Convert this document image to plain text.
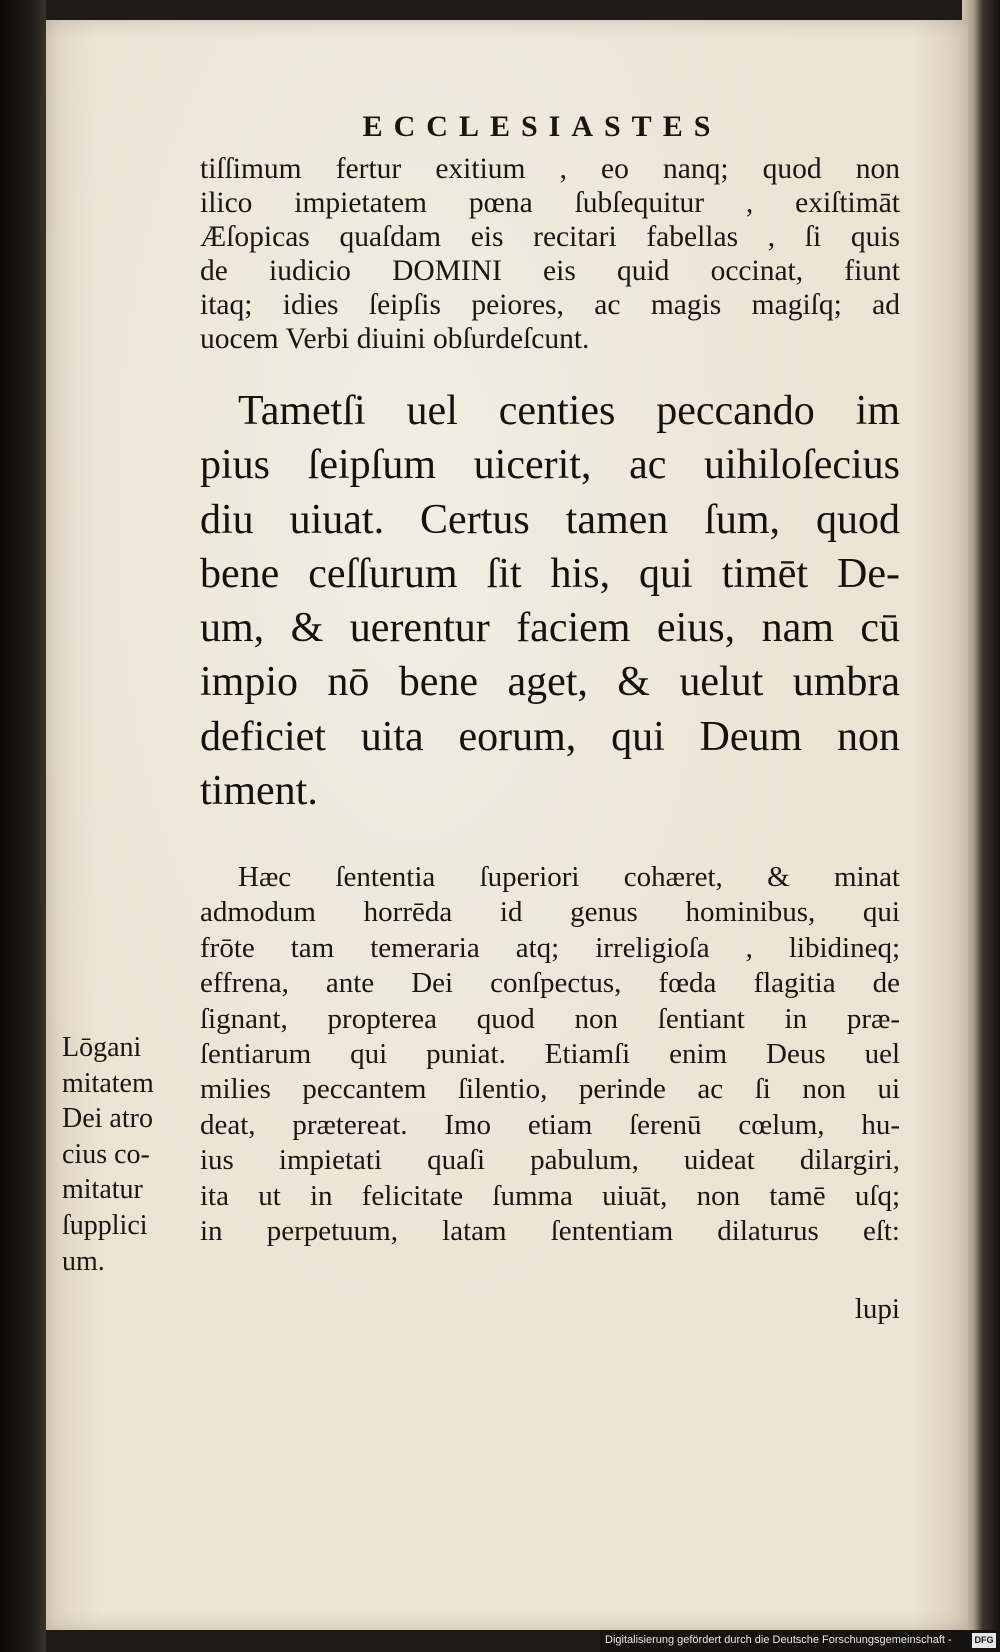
ECCLESIASTES
tiſſimum fertur exitium , eo nanq; quod non
ilico impietatem pœna ſubſequitur , exiſtimāt
Æſopicas quaſdam eis recitari fabellas , ſi quis
de iudicio DOMINI eis quid occinat, fiunt
itaq; idies ſeipſis peiores, ac magis magiſq; ad
uocem Verbi diuini obſurdeſcunt.
Tametſi uel centies peccando im
pius ſeipſum uicerit, ac uihiloſecius
diu uiuat. Certus tamen ſum, quod
bene ceſſurum ſit his, qui timēt De-
um, & uerentur faciem eius, nam cū
impio nō bene aget, & uelut umbra
deficiet uita eorum, qui Deum non
timent.
Hæc ſententia ſuperiori cohæret, & minat
admodum horrēda id genus hominibus, qui
frōte tam temeraria atq; irreligioſa , libidineq;
effrena, ante Dei conſpectus, fœda flagitia de
ſignant, propterea quod non ſentiant in præ-
ſentiarum qui puniat. Etiamſi enim Deus uel
milies peccantem ſilentio, perinde ac ſi non ui
deat, prætereat. Imo etiam ſerenū cœlum, hu-
ius impietati quaſi pabulum, uideat dilargiri,
ita ut in felicitate ſumma uiuāt, non tamē uſq;
in perpetuum, latam ſententiam dilaturus eſt:
lupi
Lōgani
mitatem
Dei atro
cius co-
mitatur
ſupplici
um.
Digitalisierung gefördert durch die Deutsche Forschungsgemeinschaft -	DFG
